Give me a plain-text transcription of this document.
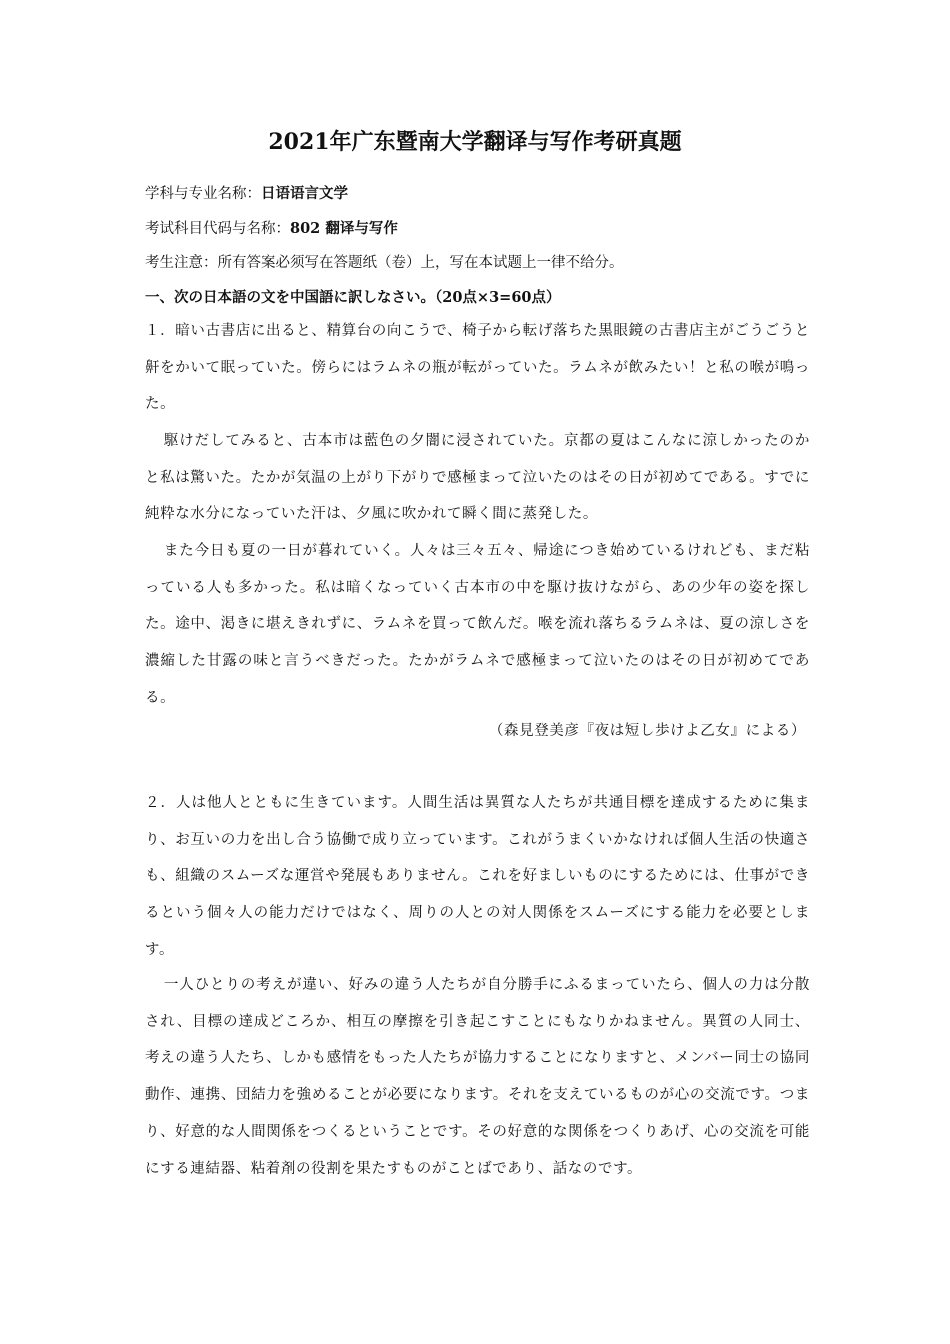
2021年广东暨南大学翻译与写作考研真题
学科与专业名称：日语语言文学
考试科目代码与名称：802 翻译与写作
考生注意：所有答案必须写在答题纸（卷）上，写在本试题上一律不给分。
一、次の日本語の文を中国語に訳しなさい。（20点×3=60点）

１．暗い古書店に出ると、精算台の向こうで、椅子から転げ落ちた黒眼鏡の古書店主がごうごうと鼾をかいて眠っていた。傍らにはラムネの瓶が転がっていた。ラムネが飲みたい！と私の喉が鳴った。

駆けだしてみると、古本市は藍色の夕闇に浸されていた。京都の夏はこんなに涼しかったのかと私は驚いた。たかが気温の上がり下がりで感極まって泣いたのはその日が初めてである。すでに純粋な水分になっていた汗は、夕風に吹かれて瞬く間に蒸発した。

また今日も夏の一日が暮れていく。人々は三々五々、帰途につき始めているけれども、まだ粘っている人も多かった。私は暗くなっていく古本市の中を駆け抜けながら、あの少年の姿を探した。途中、渇きに堪えきれずに、ラムネを買って飲んだ。喉を流れ落ちるラムネは、夏の涼しさを濃縮した甘露の味と言うべきだった。たかがラムネで感極まって泣いたのはその日が初めてである。

（森見登美彦『夜は短し歩けよ乙女』による）

２．人は他人とともに生きています。人間生活は異質な人たちが共通目標を達成するために集まり、お互いの力を出し合う協働で成り立っています。これがうまくいかなければ個人生活の快適さも、組織のスムーズな運営や発展もありません。これを好ましいものにするためには、仕事ができるという個々人の能力だけではなく、周りの人との対人関係をスムーズにする能力を必要とします。

一人ひとりの考えが違い、好みの違う人たちが自分勝手にふるまっていたら、個人の力は分散され、目標の達成どころか、相互の摩擦を引き起こすことにもなりかねません。異質の人同士、考えの違う人たち、しかも感情をもった人たちが協力することになりますと、メンバー同士の協同動作、連携、団結力を強めることが必要になります。それを支えているものが心の交流です。つまり、好意的な人間関係をつくるということです。その好意的な関係をつくりあげ、心の交流を可能にする連結器、粘着剤の役割を果たすものがことばであり、話なのです。
